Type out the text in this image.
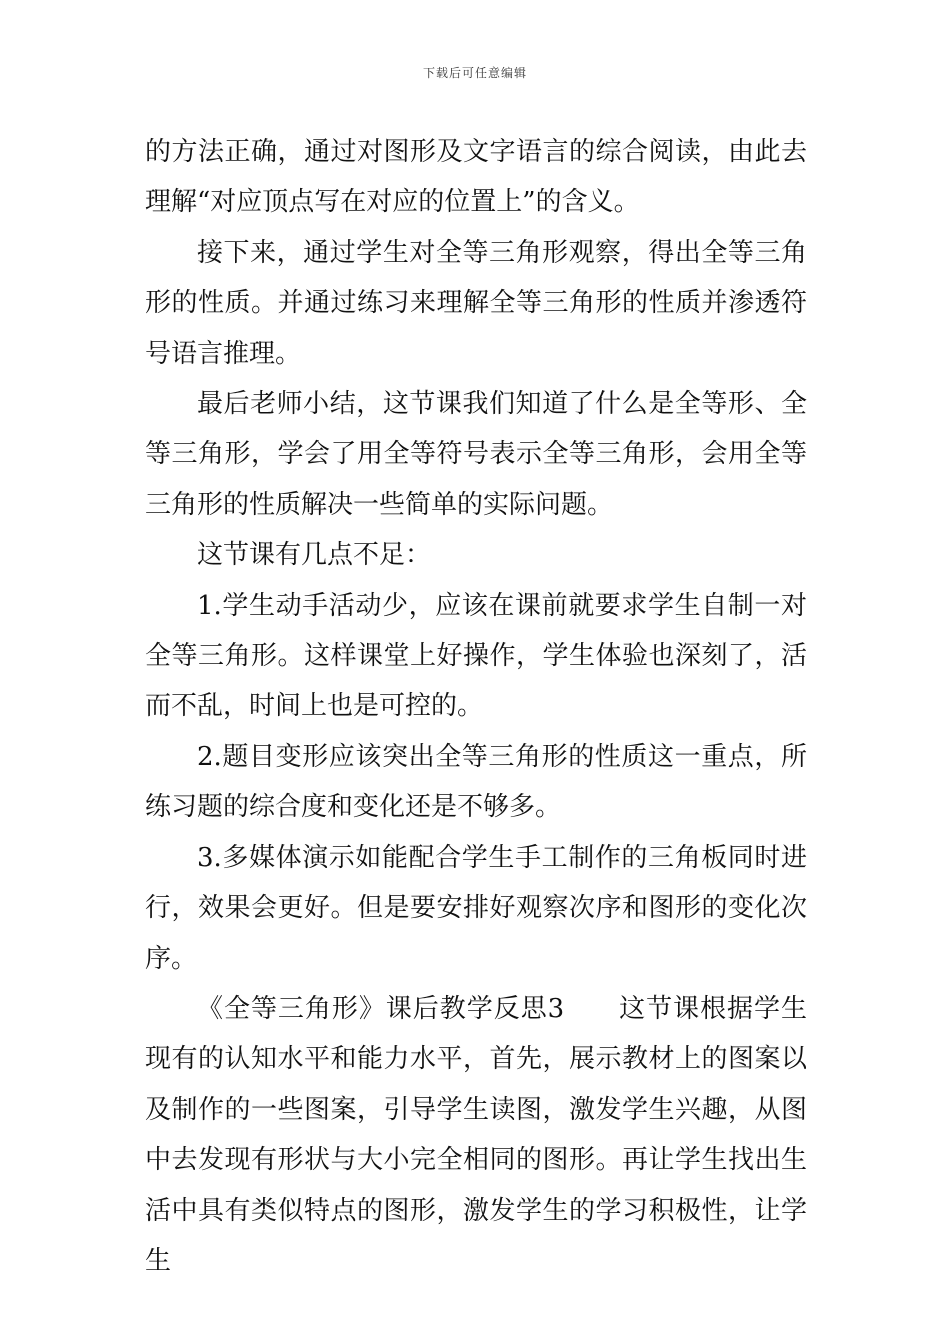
下载后可任意编辑

的方法正确，通过对图形及文字语言的综合阅读，由此去理解“对应顶点写在对应的位置上”的含义。

接下来，通过学生对全等三角形观察，得出全等三角形的性质。并通过练习来理解全等三角形的性质并渗透符号语言推理。

最后老师小结，这节课我们知道了什么是全等形、全等三角形，学会了用全等符号表示全等三角形，会用全等三角形的性质解决一些简单的实际问题。

这节课有几点不足：

1.学生动手活动少，应该在课前就要求学生自制一对全等三角形。这样课堂上好操作，学生体验也深刻了，活而不乱，时间上也是可控的。

2.题目变形应该突出全等三角形的性质这一重点，所练习题的综合度和变化还是不够多。

3.多媒体演示如能配合学生手工制作的三角板同时进行，效果会更好。但是要安排好观察次序和图形的变化次序。

《全等三角形》课后教学反思3　　这节课根据学生现有的认知水平和能力水平，首先，展示教材上的图案以及制作的一些图案，引导学生读图，激发学生兴趣，从图中去发现有形状与大小完全相同的图形。再让学生找出生活中具有类似特点的图形，激发学生的学习积极性，让学生
